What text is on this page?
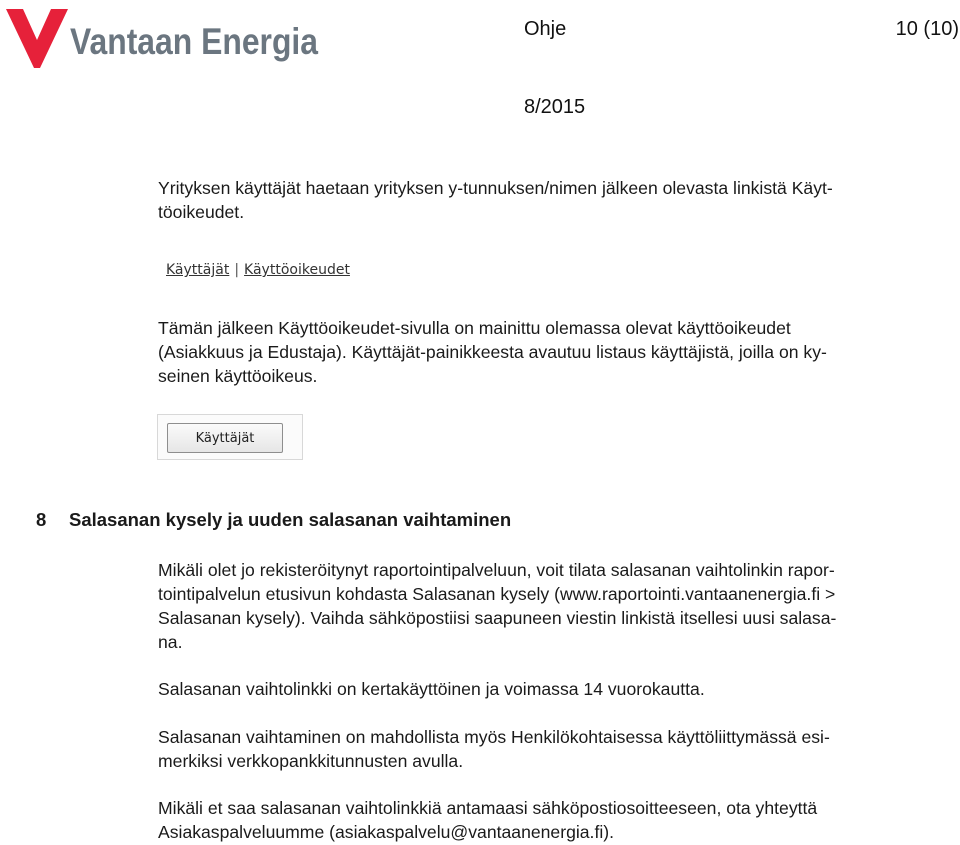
Vantaan Energia	Ohje	10 (10)
8/2015
Yrityksen käyttäjät haetaan yrityksen y-tunnuksen/nimen jälkeen olevasta linkistä Käyt-
töoikeudet.
Käyttäjät | Käyttöoikeudet
Tämän jälkeen Käyttöoikeudet-sivulla on mainittu olemassa olevat käyttöoikeudet
(Asiakkuus ja Edustaja). Käyttäjät-painikkeesta avautuu listaus käyttäjistä, joilla on ky-
seinen käyttöoikeus.
Käyttäjät
8 Salasanan kysely ja uuden salasanan vaihtaminen
Mikäli olet jo rekisteröitynyt raportointipalveluun, voit tilata salasanan vaihtolinkin rapor-
tointipalvelun etusivun kohdasta Salasanan kysely (www.raportointi.vantaanenergia.fi >
Salasanan kysely). Vaihda sähköpostiisi saapuneen viestin linkistä itsellesi uusi salasa-
na.
Salasanan vaihtolinkki on kertakäyttöinen ja voimassa 14 vuorokautta.
Salasanan vaihtaminen on mahdollista myös Henkilökohtaisessa käyttöliittymässä esi-
merkiksi verkkopankkitunnusten avulla.
Mikäli et saa salasanan vaihtolinkkiä antamaasi sähköpostiosoitteeseen, ota yhteyttä
Asiakaspalveluumme (asiakaspalvelu@vantaanenergia.fi).
